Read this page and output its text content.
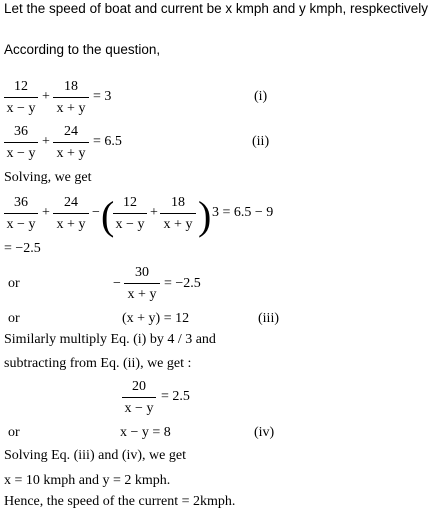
Let the speed of boat and current be x kmph and y kmph, respkectively
According to the question,
12
x − y
+
18
x + y
= 3	(i)
36
x − y
+
24
x + y
= 6.5	(ii)
Solving, we get
36
x − y
+
24
x + y
− ( 12
x − y
+
18
x + y ) 3 = 6.5 − 9
= −2.5
or	−
30
x + y
= −2.5
or	(x + y) = 12	(iii)
Similarly multiply Eq. (i) by 4 / 3 and
subtracting from Eq. (ii), we get :
20
x − y
= 2.5
or	x − y = 8	(iv)
Solving Eq. (iii) and (iv), we get
x = 10 kmph and y = 2 kmph.
Hence, the speed of the current = 2kmph.
